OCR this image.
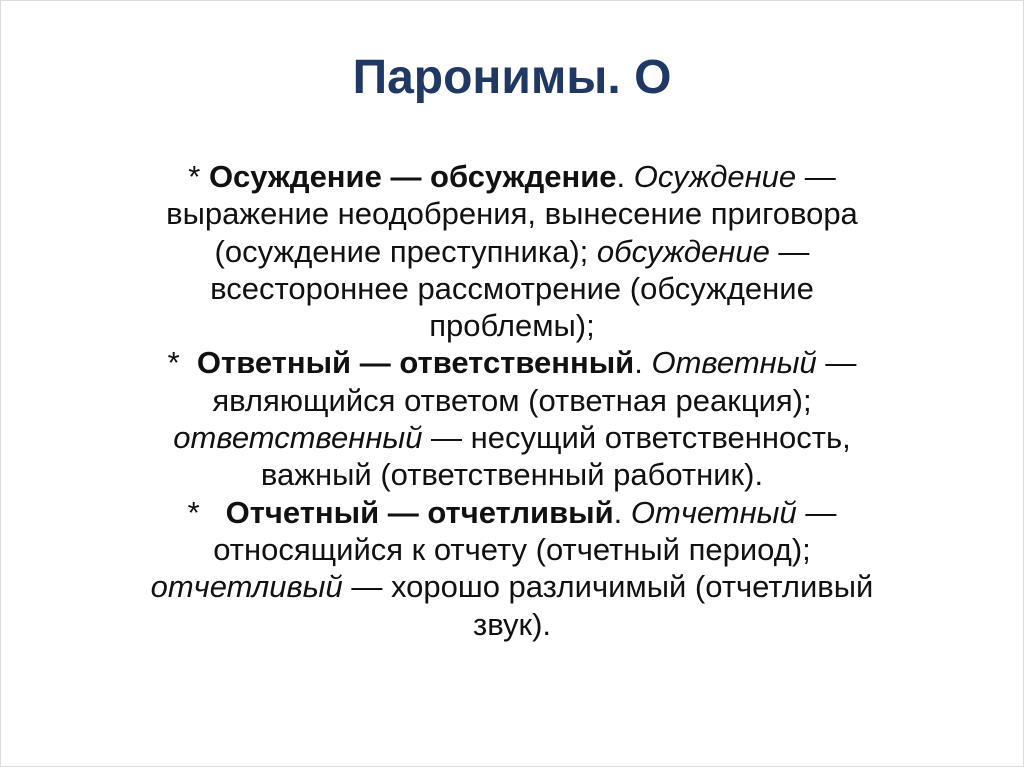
Паронимы. О
* Осуждение — обсуждение. Осуждение —
выражение неодобрения, вынесение приговора
(осуждение преступника); обсуждение —
всестороннее рассмотрение (обсуждение
проблемы);
*  Ответный — ответственный. Ответный —
являющийся ответом (ответная реакция);
ответственный — несущий ответственность,
важный (ответственный работник).
*   Отчетный — отчетливый. Отчетный —
относящийся к отчету (отчетный период);
отчетливый — хорошо различимый (отчетливый
звук).
